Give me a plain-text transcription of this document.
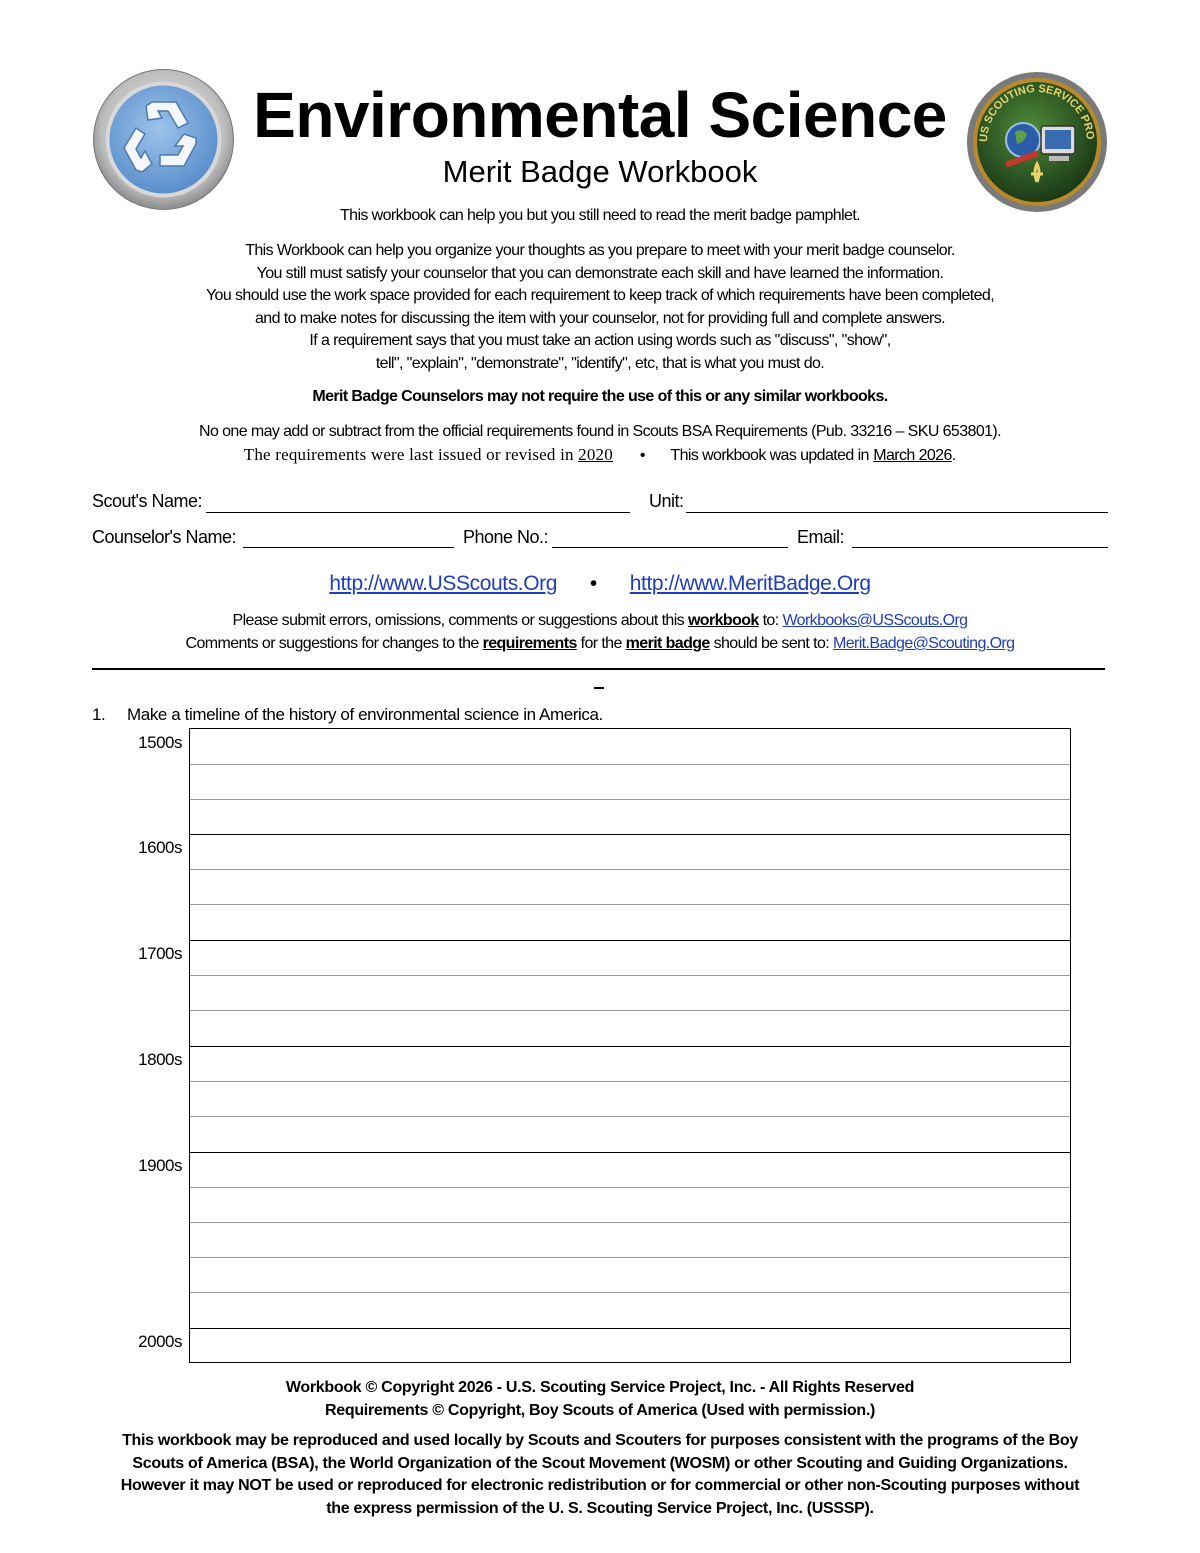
US SCOUTING SERVICE PRO
Environmental Science
Merit Badge Workbook
This workbook can help you but you still need to read the merit badge pamphlet.
This Workbook can help you organize your thoughts as you prepare to meet with your merit badge counselor.
You still must satisfy your counselor that you can demonstrate each skill and have learned the information.
You should use the work space provided for each requirement to keep track of which requirements have been completed,
and to make notes for discussing the item with your counselor, not for providing full and complete answers.
If a requirement says that you must take an action using words such as "discuss", "show",
tell", "explain", "demonstrate", "identify", etc, that is what you must do.
Merit Badge Counselors may not require the use of this or any similar workbooks.
No one may add or subtract from the official requirements found in Scouts BSA Requirements (Pub. 33216 – SKU 653801).
The requirements were last issued or revised in 2020 • This workbook was updated in March 2026.
Scout's Name:	Unit:
Counselor's Name:	Phone No.:	Email:
http://www.USScouts.Org • http://www.MeritBadge.Org
Please submit errors, omissions, comments or suggestions about this workbook to: Workbooks@USScouts.Org
Comments or suggestions for changes to the requirements for the merit badge should be sent to: Merit.Badge@Scouting.Org
1. Make a timeline of the history of environmental science in America.
1500s
1600s
1700s
1800s
1900s
2000s
Workbook © Copyright 2026 - U.S. Scouting Service Project, Inc. - All Rights Reserved
Requirements © Copyright, Boy Scouts of America (Used with permission.)
This workbook may be reproduced and used locally by Scouts and Scouters for purposes consistent with the programs of the Boy
Scouts of America (BSA), the World Organization of the Scout Movement (WOSM) or other Scouting and Guiding Organizations.
However it may NOT be used or reproduced for electronic redistribution or for commercial or other non-Scouting purposes without
the express permission of the U. S. Scouting Service Project, Inc. (USSSP).
